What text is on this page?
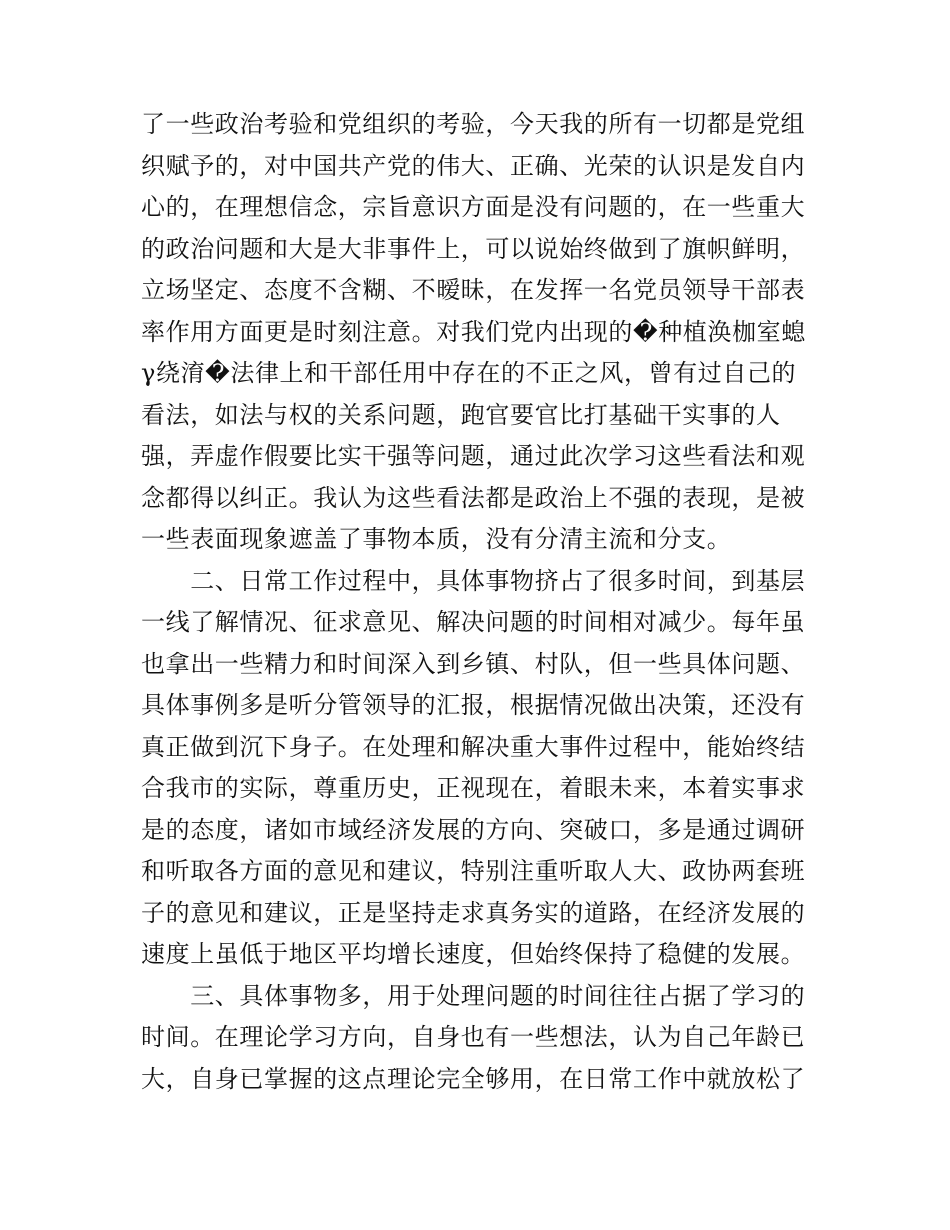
了一些政治考验和党组织的考验，今天我的所有一切都是党组
织赋予的，对中国共产党的伟大、正确、光荣的认识是发自内
心的，在理想信念，宗旨意识方面是没有问题的，在一些重大
的政治问题和大是大非事件上，可以说始终做到了旗帜鲜明，
立场坚定、态度不含糊、不暧昧，在发挥一名党员领导干部表
率作用方面更是时刻注意。对我们党内出现的�种植涣枷室螅
γ绕淯�法律上和干部任用中存在的不正之风，曾有过自己的
看法，如法与权的关系问题，跑官要官比打基础干实事的人
强，弄虚作假要比实干强等问题，通过此次学习这些看法和观
念都得以纠正。我认为这些看法都是政治上不强的表现，是被
一些表面现象遮盖了事物本质，没有分清主流和分支。
　　二、日常工作过程中，具体事物挤占了很多时间，到基层
一线了解情况、征求意见、解决问题的时间相对减少。每年虽
也拿出一些精力和时间深入到乡镇、村队，但一些具体问题、
具体事例多是听分管领导的汇报，根据情况做出决策，还没有
真正做到沉下身子。在处理和解决重大事件过程中，能始终结
合我市的实际，尊重历史，正视现在，着眼未来，本着实事求
是的态度，诸如市域经济发展的方向、突破口，多是通过调研
和听取各方面的意见和建议，特别注重听取人大、政协两套班
子的意见和建议，正是坚持走求真务实的道路，在经济发展的
速度上虽低于地区平均增长速度，但始终保持了稳健的发展。
　　三、具体事物多，用于处理问题的时间往往占据了学习的
时间。在理论学习方向，自身也有一些想法，认为自己年龄已
大，自身已掌握的这点理论完全够用，在日常工作中就放松了
